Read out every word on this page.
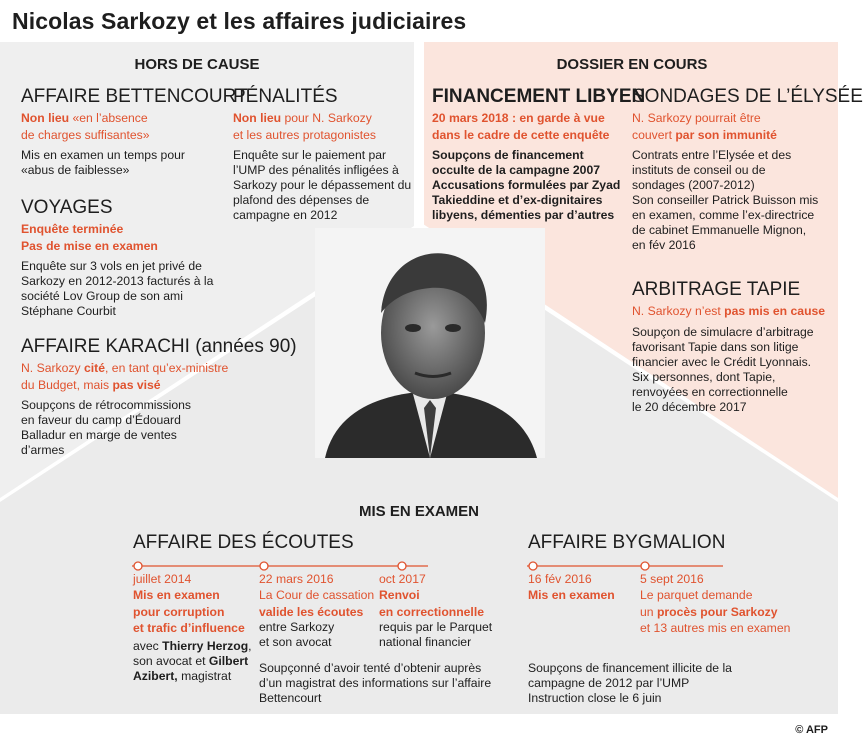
Nicolas Sarkozy et les affaires judiciaires
HORS DE CAUSE	DOSSIER EN COURS
MIS EN EXAMEN
AFFAIRE BETTENCOURT
Non lieu «en l’absence
de charges suffisantes»
Mis en examen un temps pour
«abus de faiblesse»
PÉNALITÉS
Non lieu pour N. Sarkozy
et les autres protagonistes
Enquête sur le paiement par
l’UMP des pénalités infligées à
Sarkozy pour le dépassement du
plafond des dépenses de
campagne en 2012
VOYAGES
Enquête terminée
Pas de mise en examen
Enquête sur 3 vols en jet privé de
Sarkozy en 2012-2013 facturés à la
société Lov Group de son ami
Stéphane Courbit
AFFAIRE KARACHI (années 90)
N. Sarkozy cité, en tant qu’ex-ministre
du Budget, mais pas visé
Soupçons de rétrocommissions
en faveur du camp d’Édouard
Balladur en marge de ventes
d’armes
FINANCEMENT LIBYEN
20 mars 2018 : en garde à vue
dans le cadre de cette enquête
Soupçons de financement
occulte de la campagne 2007
Accusations formulées par Zyad
Takieddine et d’ex-dignitaires
libyens, démenties par d’autres
SONDAGES DE L’ÉLYSÉE
N. Sarkozy pourrait être
couvert par son immunité
Contrats entre l’Elysée et des
instituts de conseil ou de
sondages (2007-2012)
Son conseiller Patrick Buisson mis
en examen, comme l’ex-directrice
de cabinet Emmanuelle Mignon,
en fév 2016
ARBITRAGE TAPIE
N. Sarkozy n’est pas mis en cause
Soupçon de simulacre d’arbitrage
favorisant Tapie dans son litige
financier avec le Crédit Lyonnais.
Six personnes, dont Tapie,
renvoyées en correctionnelle
le 20 décembre 2017
AFFAIRE DES ÉCOUTES
juillet 2014
Mis en examen
pour corruption
et trafic d’influence
avec Thierry Herzog,
son avocat et Gilbert
Azibert, magistrat
22 mars 2016
La Cour de cassation
valide les écoutes
entre Sarkozy
et son avocat
oct 2017
Renvoi
en correctionnelle
requis par le Parquet
national financier
Soupçonné d’avoir tenté d’obtenir auprès
d’un magistrat des informations sur l’affaire
Bettencourt
AFFAIRE BYGMALION
16 fév 2016
Mis en examen
5 sept 2016
Le parquet demande
un procès pour Sarkozy
et 13 autres mis en examen
Soupçons de financement illicite de la
campagne de 2012 par l’UMP
Instruction close le 6 juin
© AFP
